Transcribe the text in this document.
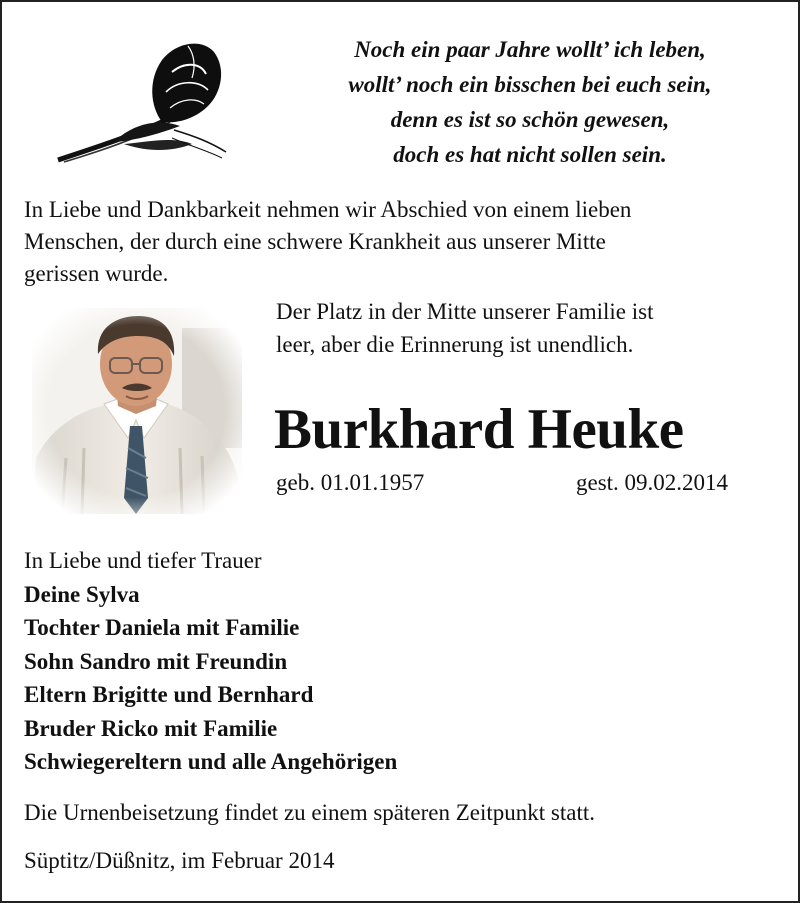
Noch ein paar Jahre wollt’ ich leben,
wollt’ noch ein bisschen bei euch sein,
denn es ist so schön gewesen,
doch es hat nicht sollen sein.
In Liebe und Dankbarkeit nehmen wir Abschied von einem lieben
Menschen, der durch eine schwere Krankheit aus unserer Mitte
gerissen wurde.
Der Platz in der Mitte unserer Familie ist
leer, aber die Erinnerung ist unendlich.
Burkhard Heuke
geb. 01.01.1957	gest. 09.02.2014
In Liebe und tiefer Trauer
Deine Sylva
Tochter Daniela mit Familie
Sohn Sandro mit Freundin
Eltern Brigitte und Bernhard
Bruder Ricko mit Familie
Schwiegereltern und alle Angehörigen
Die Urnenbeisetzung findet zu einem späteren Zeitpunkt statt.
Süptitz/Düßnitz, im Februar 2014
